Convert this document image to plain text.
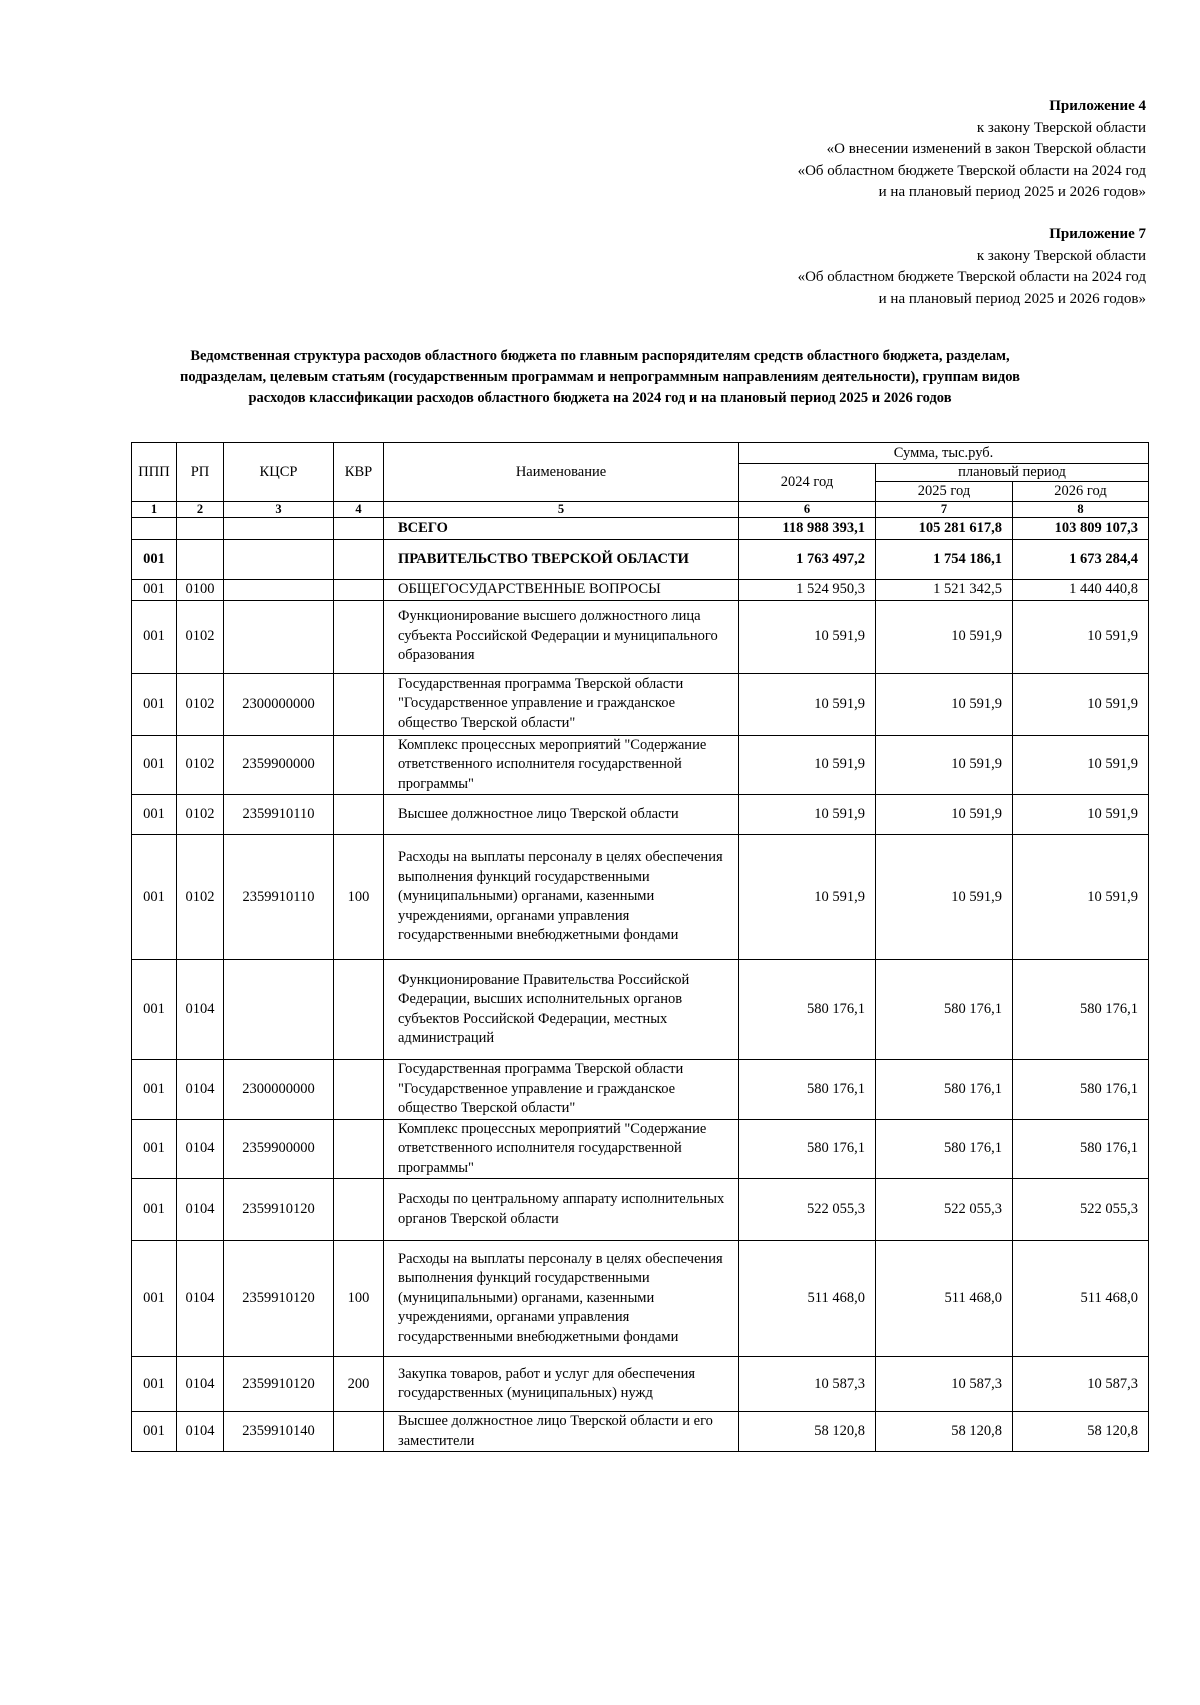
Приложение 4
к закону Тверской области
«О внесении изменений в закон Тверской области
«Об областном бюджете Тверской области на 2024 год
и на плановый период 2025 и 2026 годов»
Приложение 7
к закону Тверской области
«Об областном бюджете Тверской области на 2024 год
и на плановый период 2025 и 2026 годов»
Ведомственная структура расходов областного бюджета по главным распорядителям средств областного бюджета, разделам,
подразделам, целевым статьям (государственным программам и непрограммным направлениям деятельности), группам видов
расходов классификации расходов областного бюджета на 2024 год и на плановый период 2025 и 2026 годов
ППП	РП	КЦСР	КВР	Наименование	Сумма, тыс.руб.		
					2024 год	плановый период	
						2025 год	2026 год
1	2	3	4	5	6	7	8
				ВСЕГО	118 988 393,1	105 281 617,8	103 809 107,3
001				ПРАВИТЕЛЬСТВО ТВЕРСКОЙ ОБЛАСТИ	1 763 497,2	1 754 186,1	1 673 284,4
001	0100			ОБЩЕГОСУДАРСТВЕННЫЕ ВОПРОСЫ	1 524 950,3	1 521 342,5	1 440 440,8
001	0102			Функционирование высшего должностного лица субъекта Российской Федерации и муниципального образования	10 591,9	10 591,9	10 591,9
001	0102	2300000000		Государственная программа Тверской области "Государственное управление и гражданское общество Тверской области"	10 591,9	10 591,9	10 591,9
001	0102	2359900000		Комплекс процессных мероприятий "Содержание ответственного исполнителя государственной программы"	10 591,9	10 591,9	10 591,9
001	0102	2359910110		Высшее должностное лицо Тверской области	10 591,9	10 591,9	10 591,9
001	0102	2359910110	100	Расходы на выплаты персоналу в целях обеспечения выполнения функций государственными (муниципальными) органами, казенными учреждениями, органами управления государственными внебюджетными фондами	10 591,9	10 591,9	10 591,9
001	0104			Функционирование Правительства Российской Федерации, высших исполнительных органов субъектов Российской Федерации, местных администраций	580 176,1	580 176,1	580 176,1
001	0104	2300000000		Государственная программа Тверской области "Государственное управление и гражданское общество Тверской области"	580 176,1	580 176,1	580 176,1
001	0104	2359900000		Комплекс процессных мероприятий "Содержание ответственного исполнителя государственной программы"	580 176,1	580 176,1	580 176,1
001	0104	2359910120		Расходы по центральному аппарату исполнительных органов Тверской области	522 055,3	522 055,3	522 055,3
001	0104	2359910120	100	Расходы на выплаты персоналу в целях обеспечения выполнения функций государственными (муниципальными) органами, казенными учреждениями, органами управления государственными внебюджетными фондами	511 468,0	511 468,0	511 468,0
001	0104	2359910120	200	Закупка товаров, работ и услуг для обеспечения государственных (муниципальных) нужд	10 587,3	10 587,3	10 587,3
001	0104	2359910140		Высшее должностное лицо Тверской области и его заместители	58 120,8	58 120,8	58 120,8
